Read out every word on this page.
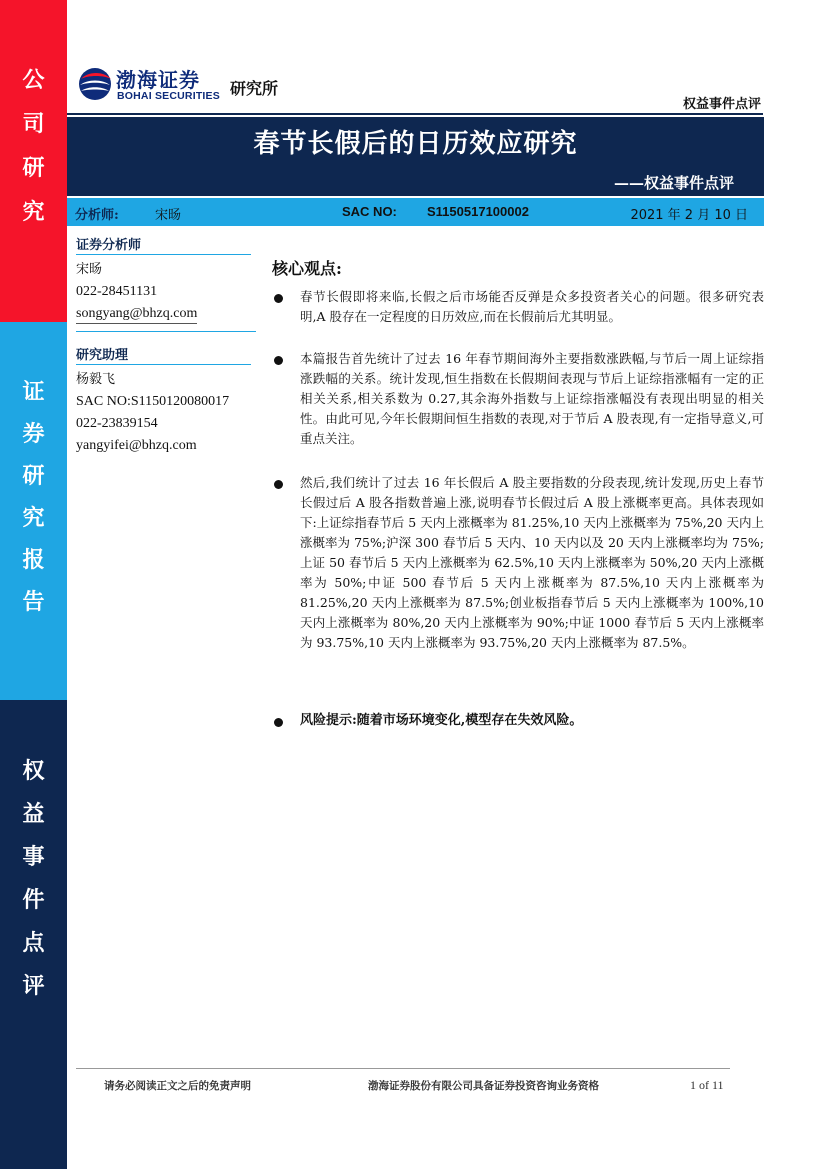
公
司
研
究
证
券
研
究
报
告
权
益
事
件
点
评
渤海证券
BOHAI SECURITIES 研究所
权益事件点评
春节长假后的日历效应研究
——权益事件点评
分析师:	宋旸	SAC NO: S1150517100002	2021 年 2 月 10 日
证券分析师
宋旸
022-28451131
songyang@bhzq.com
研究助理
杨毅飞
SAC NO:S1150120080017
022-23839154
yangyifei@bhzq.com
核心观点:
春节长假即将来临,长假之后市场能否反弹是众多投资者关心的问题。很多研究表明,A 股存在一定程度的日历效应,而在长假前后尤其明显。
本篇报告首先统计了过去 16 年春节期间海外主要指数涨跌幅,与节后一周上证综指涨跌幅的关系。统计发现,恒生指数在长假期间表现与节后上证综指涨幅有一定的正相关关系,相关系数为 0.27,其余海外指数与上证综指涨幅没有表现出明显的相关性。由此可见,今年长假期间恒生指数的表现,对于节后 A 股表现,有一定指导意义,可重点关注。
然后,我们统计了过去 16 年长假后 A 股主要指数的分段表现,统计发现,历史上春节长假过后 A 股各指数普遍上涨,说明春节长假过后 A 股上涨概率更高。具体表现如下:上证综指春节后 5 天内上涨概率为 81.25%,10 天内上涨概率为 75%,20 天内上涨概率为 75%;沪深 300 春节后 5 天内、10 天内以及 20 天内上涨概率均为 75%;上证 50 春节后 5 天内上涨概率为 62.5%,10 天内上涨概率为 50%,20 天内上涨概率为 50%;中证 500 春节后 5 天内上涨概率为 87.5%,10 天内上涨概率为 81.25%,20 天内上涨概率为 87.5%;创业板指春节后 5 天内上涨概率为 100%,10 天内上涨概率为 80%,20 天内上涨概率为 90%;中证 1000 春节后 5 天内上涨概率为 93.75%,10 天内上涨概率为 93.75%,20 天内上涨概率为 87.5%。
风险提示:随着市场环境变化,模型存在失效风险。
请务必阅读正文之后的免责声明	渤海证券股份有限公司具备证券投资咨询业务资格	1 of 11
